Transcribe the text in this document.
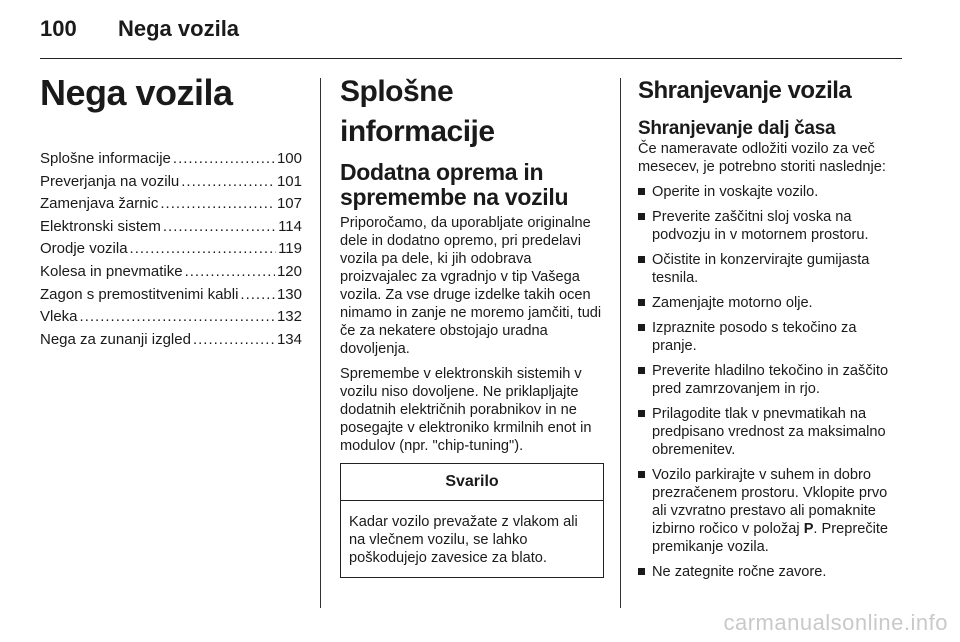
100	Nega vozila
Nega vozila
Splošne informacije .....	100
Preverjanja na vozilu .....	101
Zamenjava žarnic .....	107
Elektronski sistem .....	114
Orodje vozila .....	119
Kolesa in pnevmatike .....	120
Zagon s premostitvenimi kabli .....	130
Vleka .....	132
Nega za zunanji izgled .....	134
Splošne informacije
Dodatna oprema in spremembe na vozilu

Priporočamo, da uporabljate originalne dele in dodatno opremo, pri predelavi vozila pa dele, ki jih odobrava proizvajalec za vgradnjo v tip Vašega vozila. Za vse druge izdelke takih ocen nimamo in zanje ne moremo jamčiti, tudi če za nekatere obstojajo uradna dovoljenja.

Spremembe v elektronskih sistemih v vozilu niso dovoljene. Ne priklapljajte dodatnih električnih porabnikov in ne posegajte v elektroniko krmilnih enot in modulov (npr. "chip-tuning").

Svarilo
Kadar vozilo prevažate z vlakom ali na vlečnem vozilu, se lahko poškodujejo zavesice za blato.
Shranjevanje vozila
Shranjevanje dalj časa

Če nameravate odložiti vozilo za več mesecev, je potrebno storiti naslednje:

Operite in voskajte vozilo.
Preverite zaščitni sloj voska na podvozju in v motornem prostoru.
Očistite in konzervirajte gumijasta tesnila.
Zamenjajte motorno olje.
Izpraznite posodo s tekočino za pranje.
Preverite hladilno tekočino in zaščito pred zamrzovanjem in rjo.
Prilagodite tlak v pnevmatikah na predpisano vrednost za maksimalno obremenitev.
Vozilo parkirajte v suhem in dobro prezračenem prostoru. Vklopite prvo ali vzvratno prestavo ali pomaknite izbirno ročico v položaj P. Preprečite premikanje vozila.
Ne zategnite ročne zavore.
carmanualsonline.info
